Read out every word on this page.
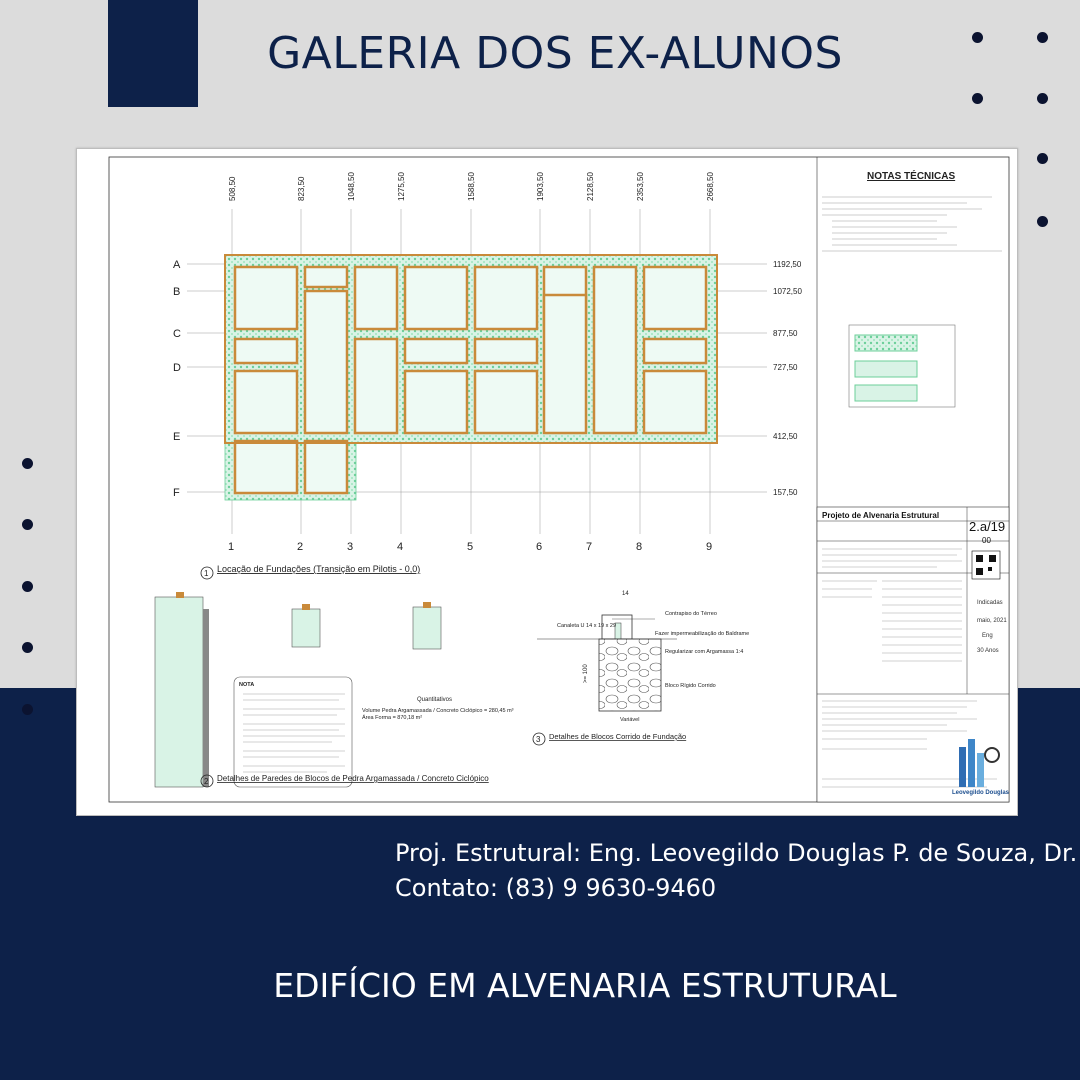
GALERIA DOS EX-ALUNOS
508,50	823,50	1048,50	1275,50	1588,50	1903,50	2128,50	2353,50	2668,50
A
B
C
D
E
F
1192,50
1072,50
877,50
727,50
412,50
157,50
1	2	3	4	5	6	7	8	9
1 Locação de Fundações (Transição em Pilotis - 0,0)
NOTAS TÉCNICAS
Projeto de Alvenaria Estrutural
2.a/19
00
Indicadas
maio, 2021
Eng
30 Anos
Leovegildo Douglas
NOTA
Quantitativos
Volume Pedra Argamassada / Concreto Ciclópico = 280,45 m³
Área Forma = 870,18 m²
2 Detalhes de Paredes de Blocos de Pedra Argamassada / Concreto Ciclópico
14
Contrapiso do Térreo
Canaleta U 14 x 19 x 29
Fazer impermeabilização do Baldrame
Regularizar com Argamassa 1:4
Bloco Rígido Corrido
Variável
>= 100
3 Detalhes de Blocos Corrido de Fundação
Proj. Estrutural: Eng. Leovegildo Douglas P. de Souza, Dr.
Contato: (83) 9 9630-9460
EDIFÍCIO EM ALVENARIA ESTRUTURAL
